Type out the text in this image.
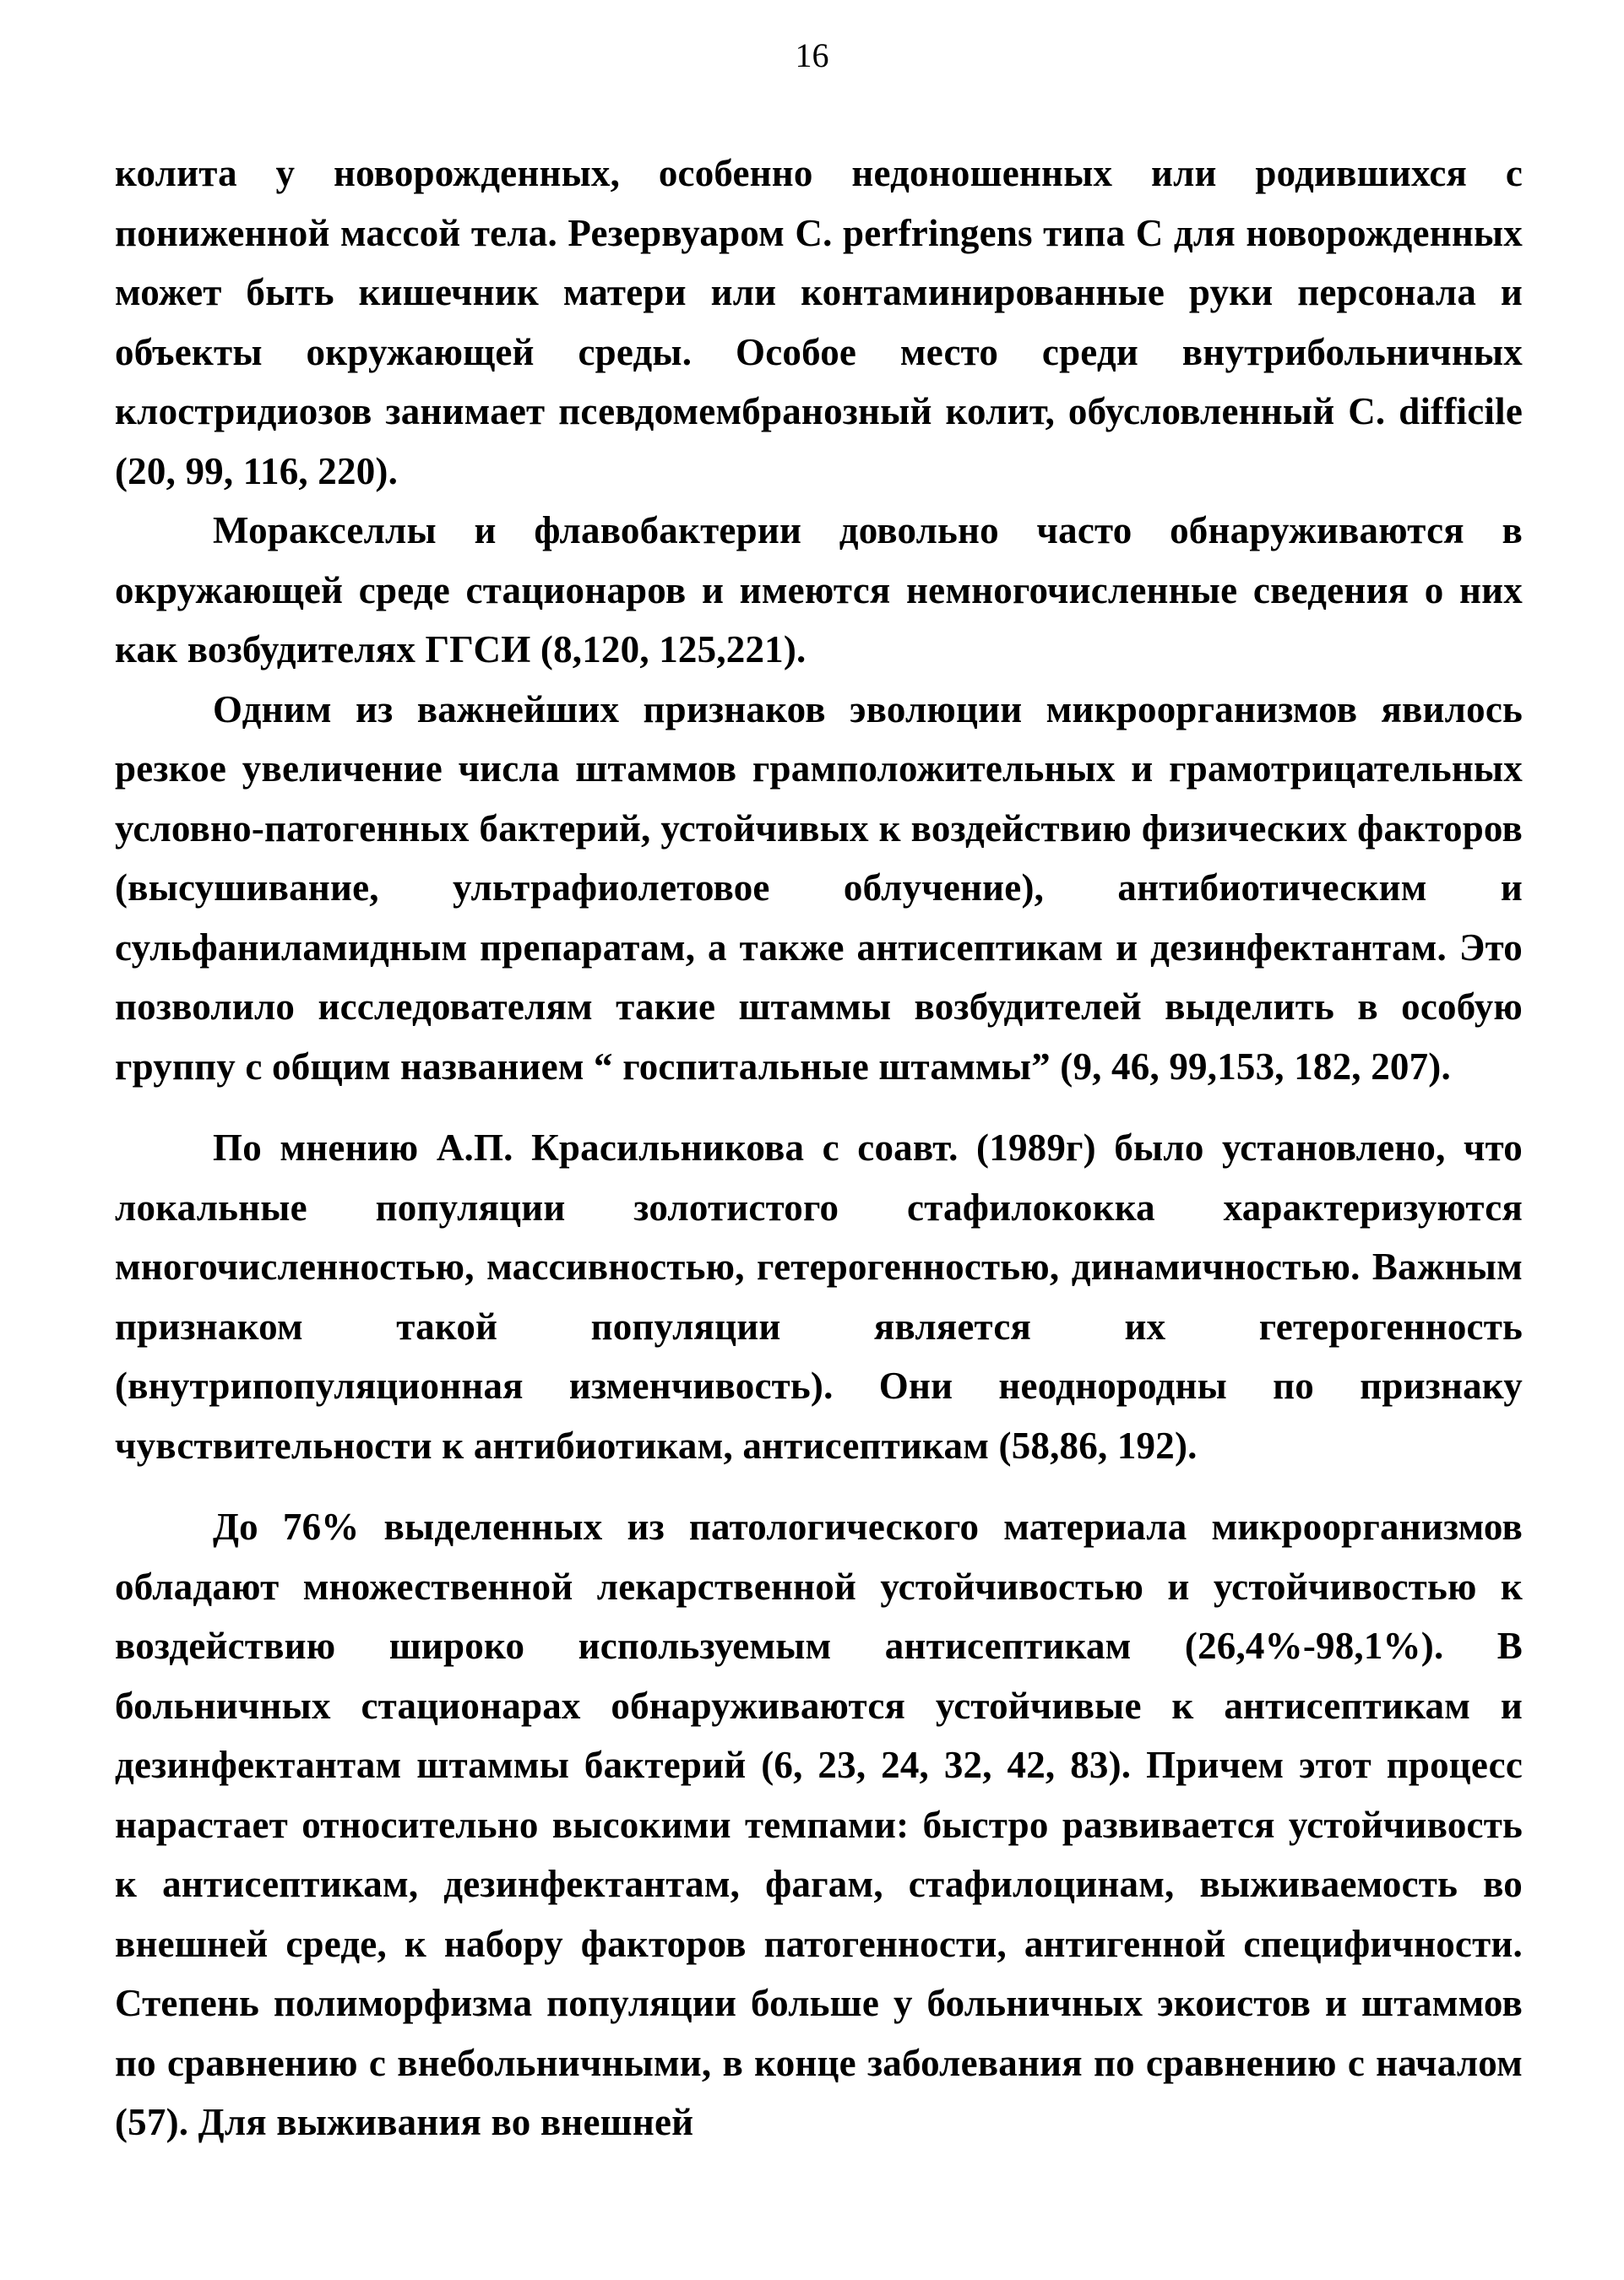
16

колита у новорожденных, особенно недоношенных или родившихся с пониженной массой тела. Резервуаром С. perfringens типа С для новорожденных может быть кишечник матери или контаминированные руки персонала и объекты окружающей среды. Особое место среди внутрибольничных клостридиозов занимает псевдомембранозный колит, обусловленный С. difficile (20, 99, 116, 220).

Моракселлы и флавобактерии довольно часто обнаруживаются в окружающей среде стационаров и имеются немногочисленные сведения о них как возбудителях ГГСИ (8,120, 125,221).

Одним из важнейших признаков эволюции микроорганизмов явилось резкое увеличение числа штаммов грамположительных и грамотрицательных условно-патогенных бактерий, устойчивых к воздействию физических факторов (высушивание, ультрафиолетовое облучение), антибиотическим и сульфаниламидным препаратам, а также антисептикам и дезинфектантам. Это позволило исследователям такие штаммы возбудителей выделить в особую группу с общим названием “ госпитальные штаммы” (9, 46, 99,153, 182, 207).

По мнению А.П. Красильникова с соавт. (1989г) было установлено, что локальные популяции золотистого стафилококка характеризуются многочисленностью, массивностью, гетерогенностью, динамичностью. Важным признаком такой популяции является их гетерогенность (внутрипопуляционная изменчивость). Они неоднородны по признаку чувствительности к антибиотикам, антисептикам (58,86, 192).

До 76% выделенных из патологического материала микроорганизмов обладают множественной лекарственной устойчивостью и устойчивостью к воздействию широко используемым антисептикам (26,4%-98,1%). В больничных стационарах обнаруживаются устойчивые к антисептикам и дезинфектантам штаммы бактерий (6, 23, 24, 32, 42, 83). Причем этот процесс нарастает относительно высокими темпами: быстро развивается устойчивость к антисептикам, дезинфектантам, фагам, стафилоцинам, выживаемость во внешней среде, к набору факторов патогенности, антигенной специфичности. Степень полиморфизма популяции больше у больничных экоистов и штаммов по сравнению с внебольничными, в конце заболевания по сравнению с началом (57). Для выживания во внешней
